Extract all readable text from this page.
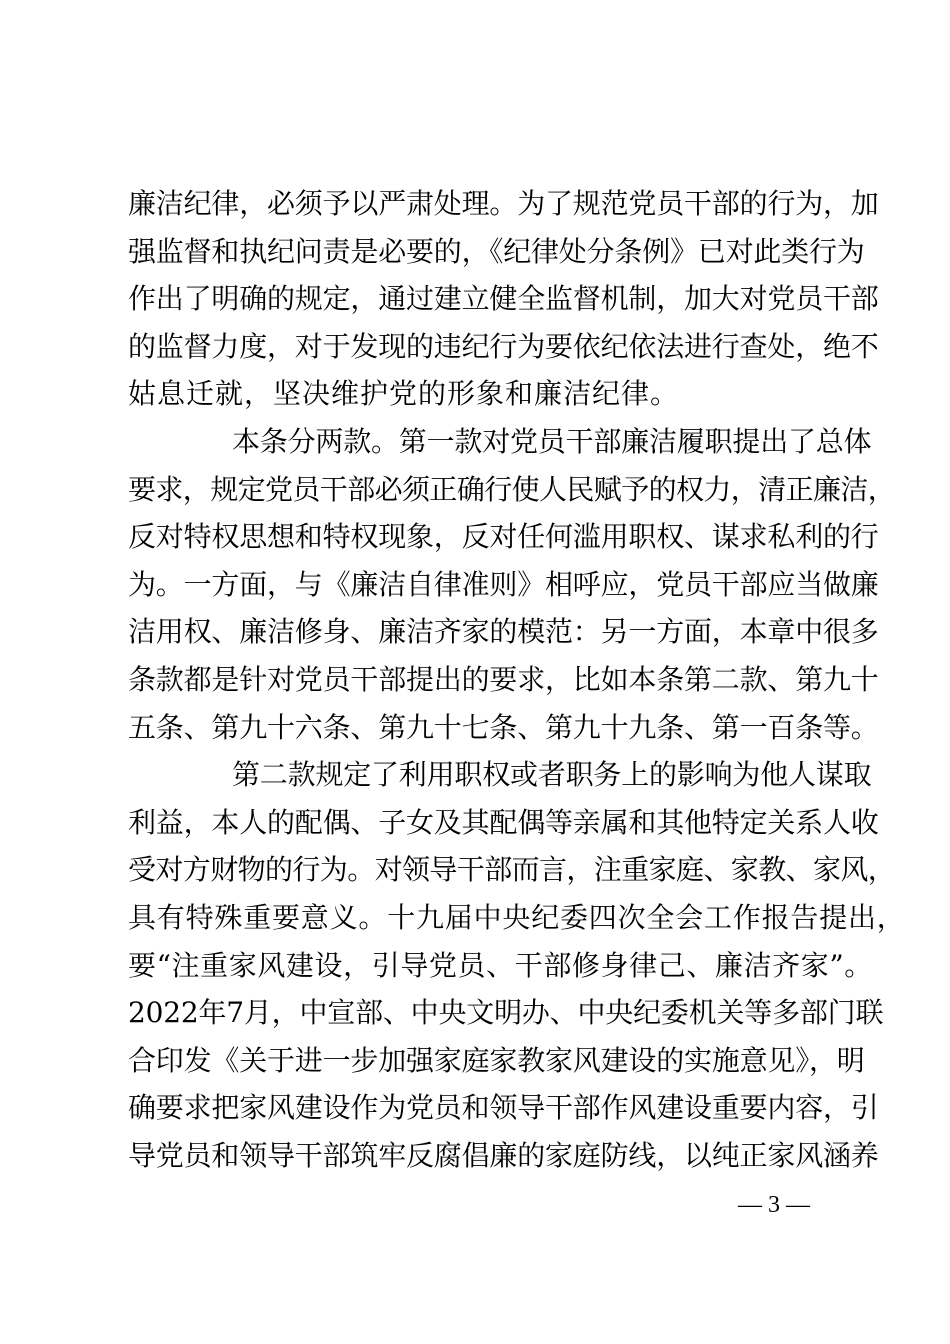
廉洁纪律，必须予以严肃处理。为了规范党员干部的行为，加
强监督和执纪问责是必要的，《纪律处分条例》已对此类行为
作出了明确的规定，通过建立健全监督机制，加大对党员干部
的监督力度，对于发现的违纪行为要依纪依法进行查处，绝不
姑息迁就，坚决维护党的形象和廉洁纪律。
本条分两款。第一款对党员干部廉洁履职提出了总体
要求，规定党员干部必须正确行使人民赋予的权力，清正廉洁，
反对特权思想和特权现象，反对任何滥用职权、谋求私利的行
为。一方面，与《廉洁自律准则》相呼应，党员干部应当做廉
洁用权、廉洁修身、廉洁齐家的模范：另一方面，本章中很多
条款都是针对党员干部提出的要求，比如本条第二款、第九十
五条、第九十六条、第九十七条、第九十九条、第一百条等。
第二款规定了利用职权或者职务上的影响为他人谋取
利益，本人的配偶、子女及其配偶等亲属和其他特定关系人收
受对方财物的行为。对领导干部而言，注重家庭、家教、家风，
具有特殊重要意义。十九届中央纪委四次全会工作报告提出，
要“注重家风建设，引导党员、干部修身律己、廉洁齐家”。
2022年7月，中宣部、中央文明办、中央纪委机关等多部门联
合印发《关于进一步加强家庭家教家风建设的实施意见》，明
确要求把家风建设作为党员和领导干部作风建设重要内容，引
导党员和领导干部筑牢反腐倡廉的家庭防线，以纯正家风涵养
— 3 —
